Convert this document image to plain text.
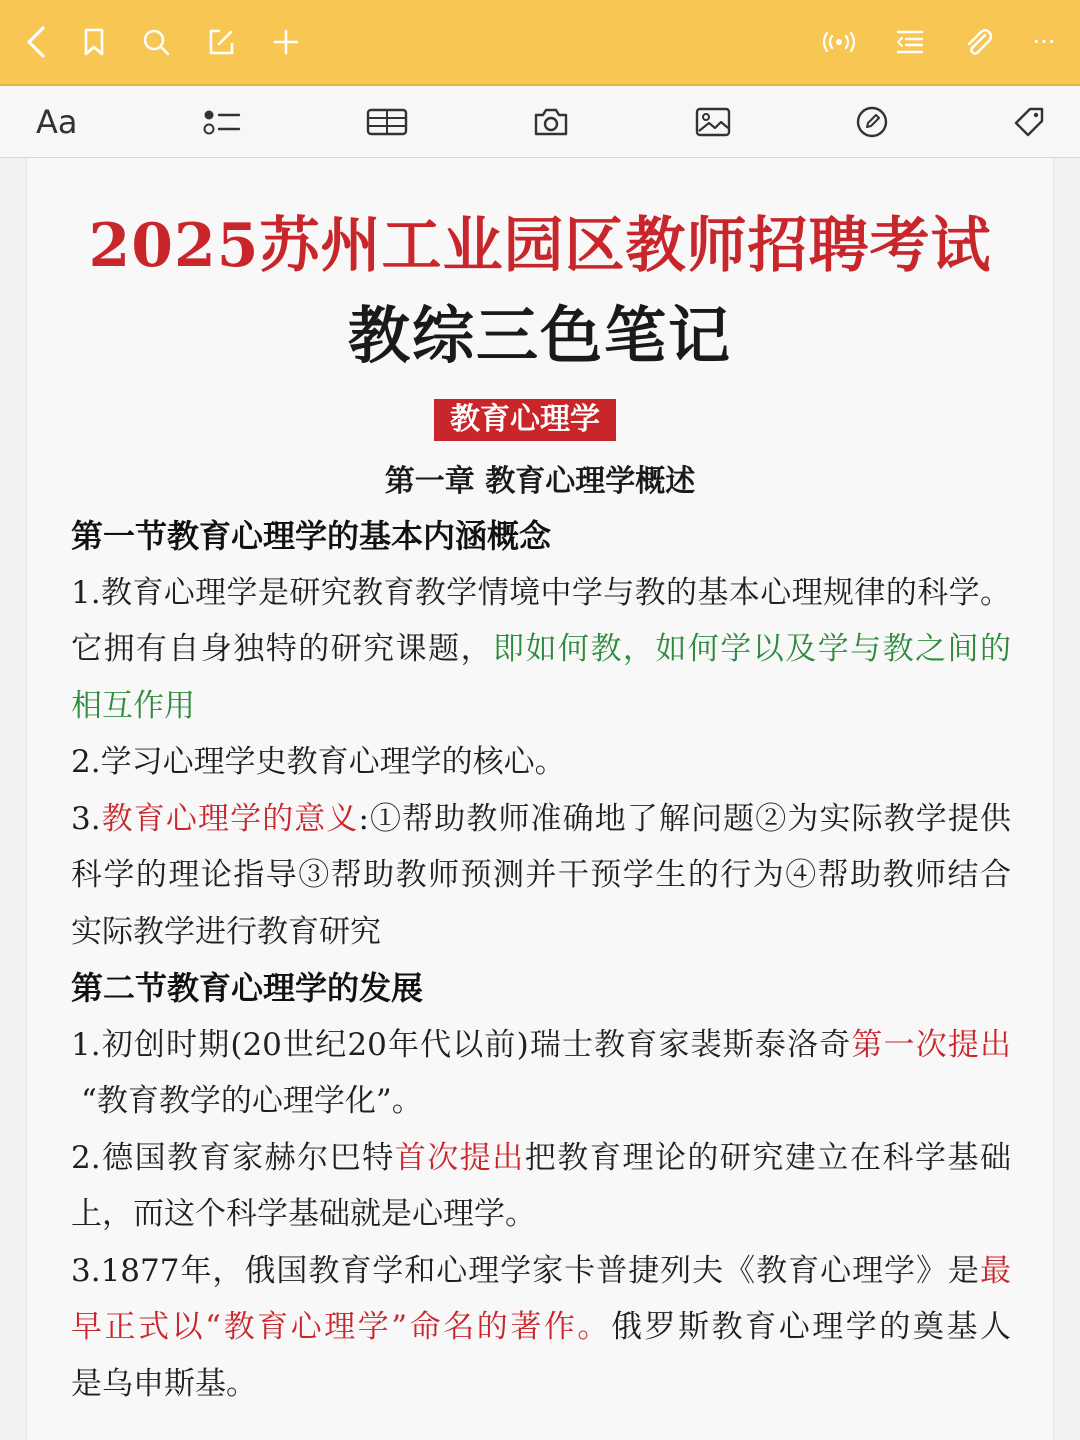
···
Aa
2025苏州工业园区教师招聘考试
教综三色笔记
教育心理学
第一章 教育心理学概述
第一节教育心理学的基本内涵概念
1.教育心理学是研究教育教学情境中学与教的基本心理规律的科学。
它拥有自身独特的研究课题，即如何教，如何学以及学与教之间的
相互作用
2.学习心理学史教育心理学的核心。
3.教育心理学的意义:①帮助教师准确地了解问题②为实际教学提供
科学的理论指导③帮助教师预测并干预学生的行为④帮助教师结合
实际教学进行教育研究
第二节教育心理学的发展
1.初创时期(20世纪20年代以前)瑞士教育家裴斯泰洛奇第一次提出
“教育教学的心理学化”。
2.德国教育家赫尔巴特首次提出把教育理论的研究建立在科学基础
上，而这个科学基础就是心理学。
3.1877年，俄国教育学和心理学家卡普捷列夫《教育心理学》是最
早正式以“教育心理学”命名的著作。俄罗斯教育心理学的奠基人
是乌申斯基。
